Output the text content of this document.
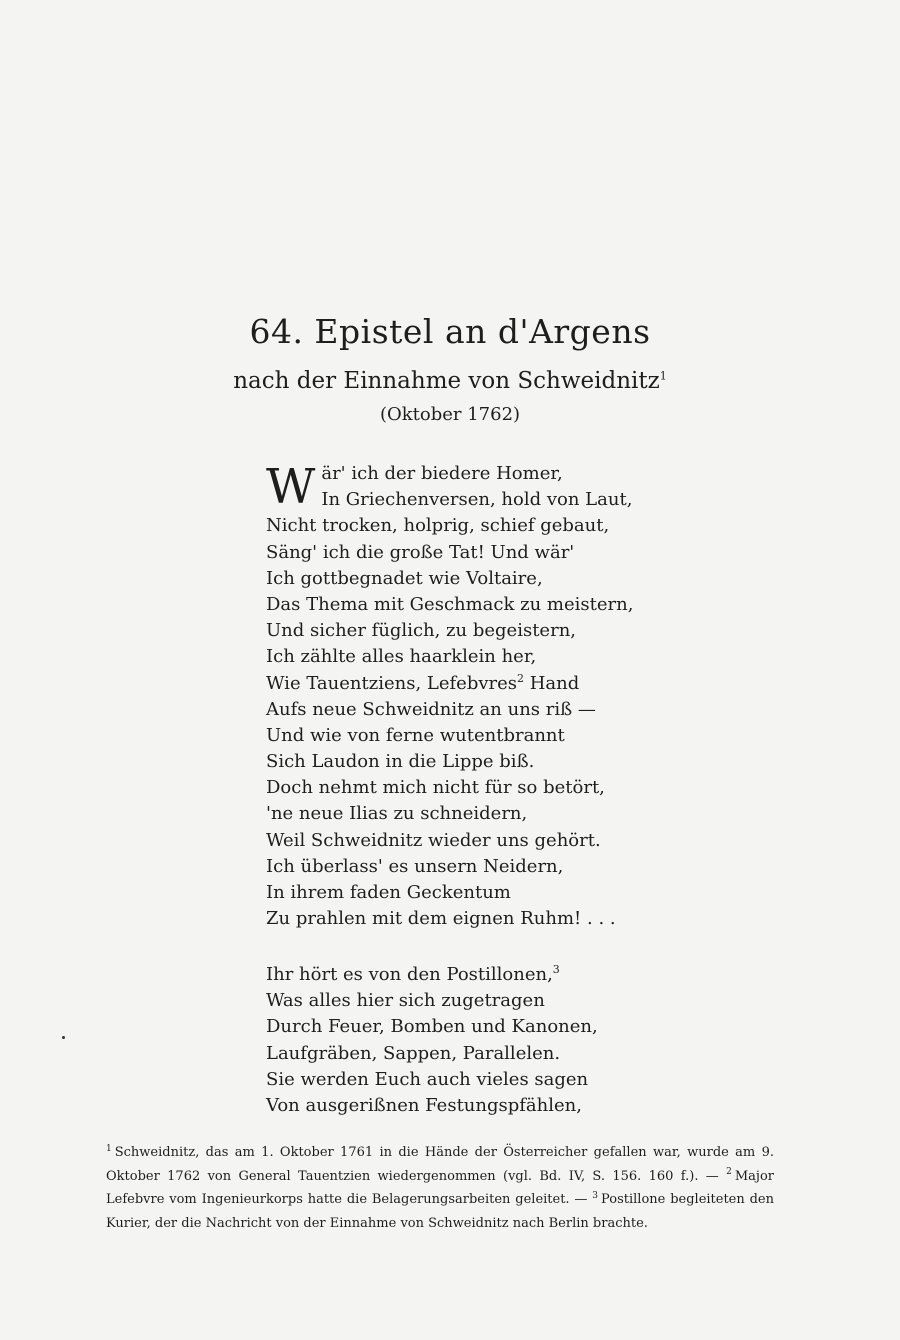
64. Epistel an d'Argens
nach der Einnahme von Schweidnitz$^1$
(Oktober 1762)
W är' ich der biedere Homer,
In Griechenversen, hold von Laut,
Nicht trocken, holprig, schief gebaut,
Säng' ich die große Tat! Und wär'
Ich gottbegnadet wie Voltaire,
Das Thema mit Geschmack zu meistern,
Und sicher füglich, zu begeistern,
Ich zählte alles haarklein her,
Wie Tauentziens, Lefebvres$^2$ Hand
Aufs neue Schweidnitz an uns riß —
Und wie von ferne wutentbrannt
Sich Laudon in die Lippe biß.
Doch nehmt mich nicht für so betört,
'ne neue Ilias zu schneidern,
Weil Schweidnitz wieder uns gehört.
Ich überlass' es unsern Neidern,
In ihrem faden Geckentum
Zu prahlen mit dem eignen Ruhm! . . .
Ihr hört es von den Postillonen,$^3$
Was alles hier sich zugetragen
Durch Feuer, Bomben und Kanonen,
Laufgräben, Sappen, Parallelen.
Sie werden Euch auch vieles sagen
Von ausgerißnen Festungspfählen,
$^1$ Schweidnitz, das am 1. Oktober 1761 in die Hände der Österreicher gefallen war, wurde am 9. Oktober 1762 von General Tauentzien wiedergenommen (vgl. Bd. IV, S. 156. 160 f.). — $^2$ Major Lefebvre vom Ingenieurkorps hatte die Belagerungsarbeiten geleitet. — $^3$ Postillone begleiteten den Kurier, der die Nachricht von der Einnahme von Schweidnitz nach Berlin brachte.
